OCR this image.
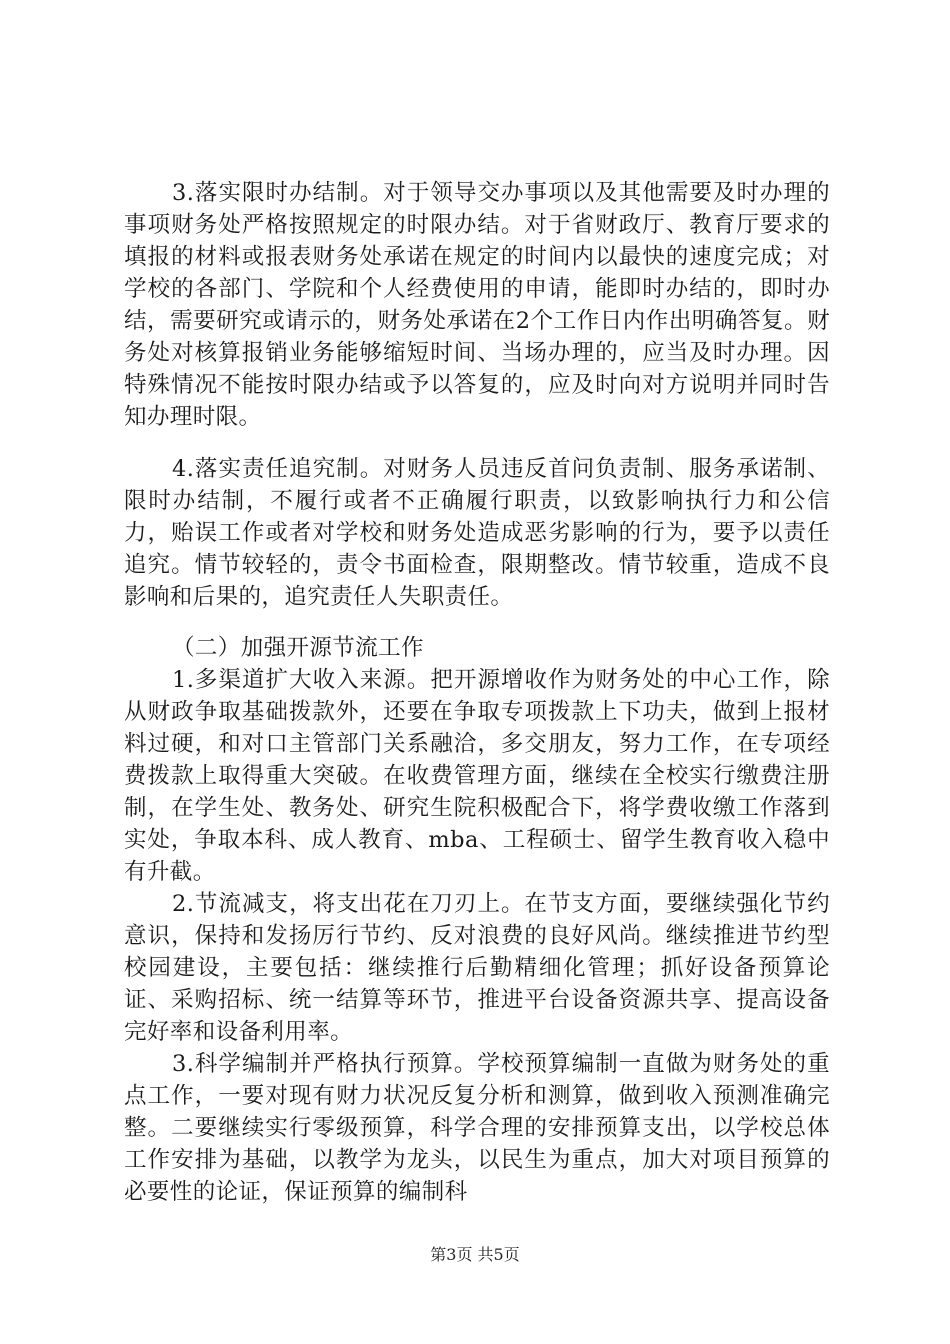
3.落实限时办结制。对于领导交办事项以及其他需要及时办理的事项财务处严格按照规定的时限办结。对于省财政厅、教育厅要求的填报的材料或报表财务处承诺在规定的时间内以最快的速度完成；对学校的各部门、学院和个人经费使用的申请，能即时办结的，即时办结，需要研究或请示的，财务处承诺在2个工作日内作出明确答复。财务处对核算报销业务能够缩短时间、当场办理的，应当及时办理。因特殊情况不能按时限办结或予以答复的，应及时向对方说明并同时告知办理时限。

4.落实责任追究制。对财务人员违反首问负责制、服务承诺制、限时办结制，不履行或者不正确履行职责，以致影响执行力和公信力，贻误工作或者对学校和财务处造成恶劣影响的行为，要予以责任追究。情节较轻的，责令书面检查，限期整改。情节较重，造成不良影响和后果的，追究责任人失职责任。

（二）加强开源节流工作

1.多渠道扩大收入来源。把开源增收作为财务处的中心工作，除从财政争取基础拨款外，还要在争取专项拨款上下功夫，做到上报材料过硬，和对口主管部门关系融洽，多交朋友，努力工作，在专项经费拨款上取得重大突破。在收费管理方面，继续在全校实行缴费注册制，在学生处、教务处、研究生院积极配合下，将学费收缴工作落到实处，争取本科、成人教育、mba、工程硕士、留学生教育收入稳中有升截。

2.节流减支，将支出花在刀刃上。在节支方面，要继续强化节约意识，保持和发扬厉行节约、反对浪费的良好风尚。继续推进节约型校园建设，主要包括：继续推行后勤精细化管理；抓好设备预算论证、采购招标、统一结算等环节，推进平台设备资源共享、提高设备完好率和设备利用率。

3.科学编制并严格执行预算。学校预算编制一直做为财务处的重点工作，一要对现有财力状况反复分析和测算，做到收入预测准确完整。二要继续实行零级预算，科学合理的安排预算支出，以学校总体工作安排为基础，以教学为龙头，以民生为重点，加大对项目预算的必要性的论证，保证预算的编制科

第3页 共5页
